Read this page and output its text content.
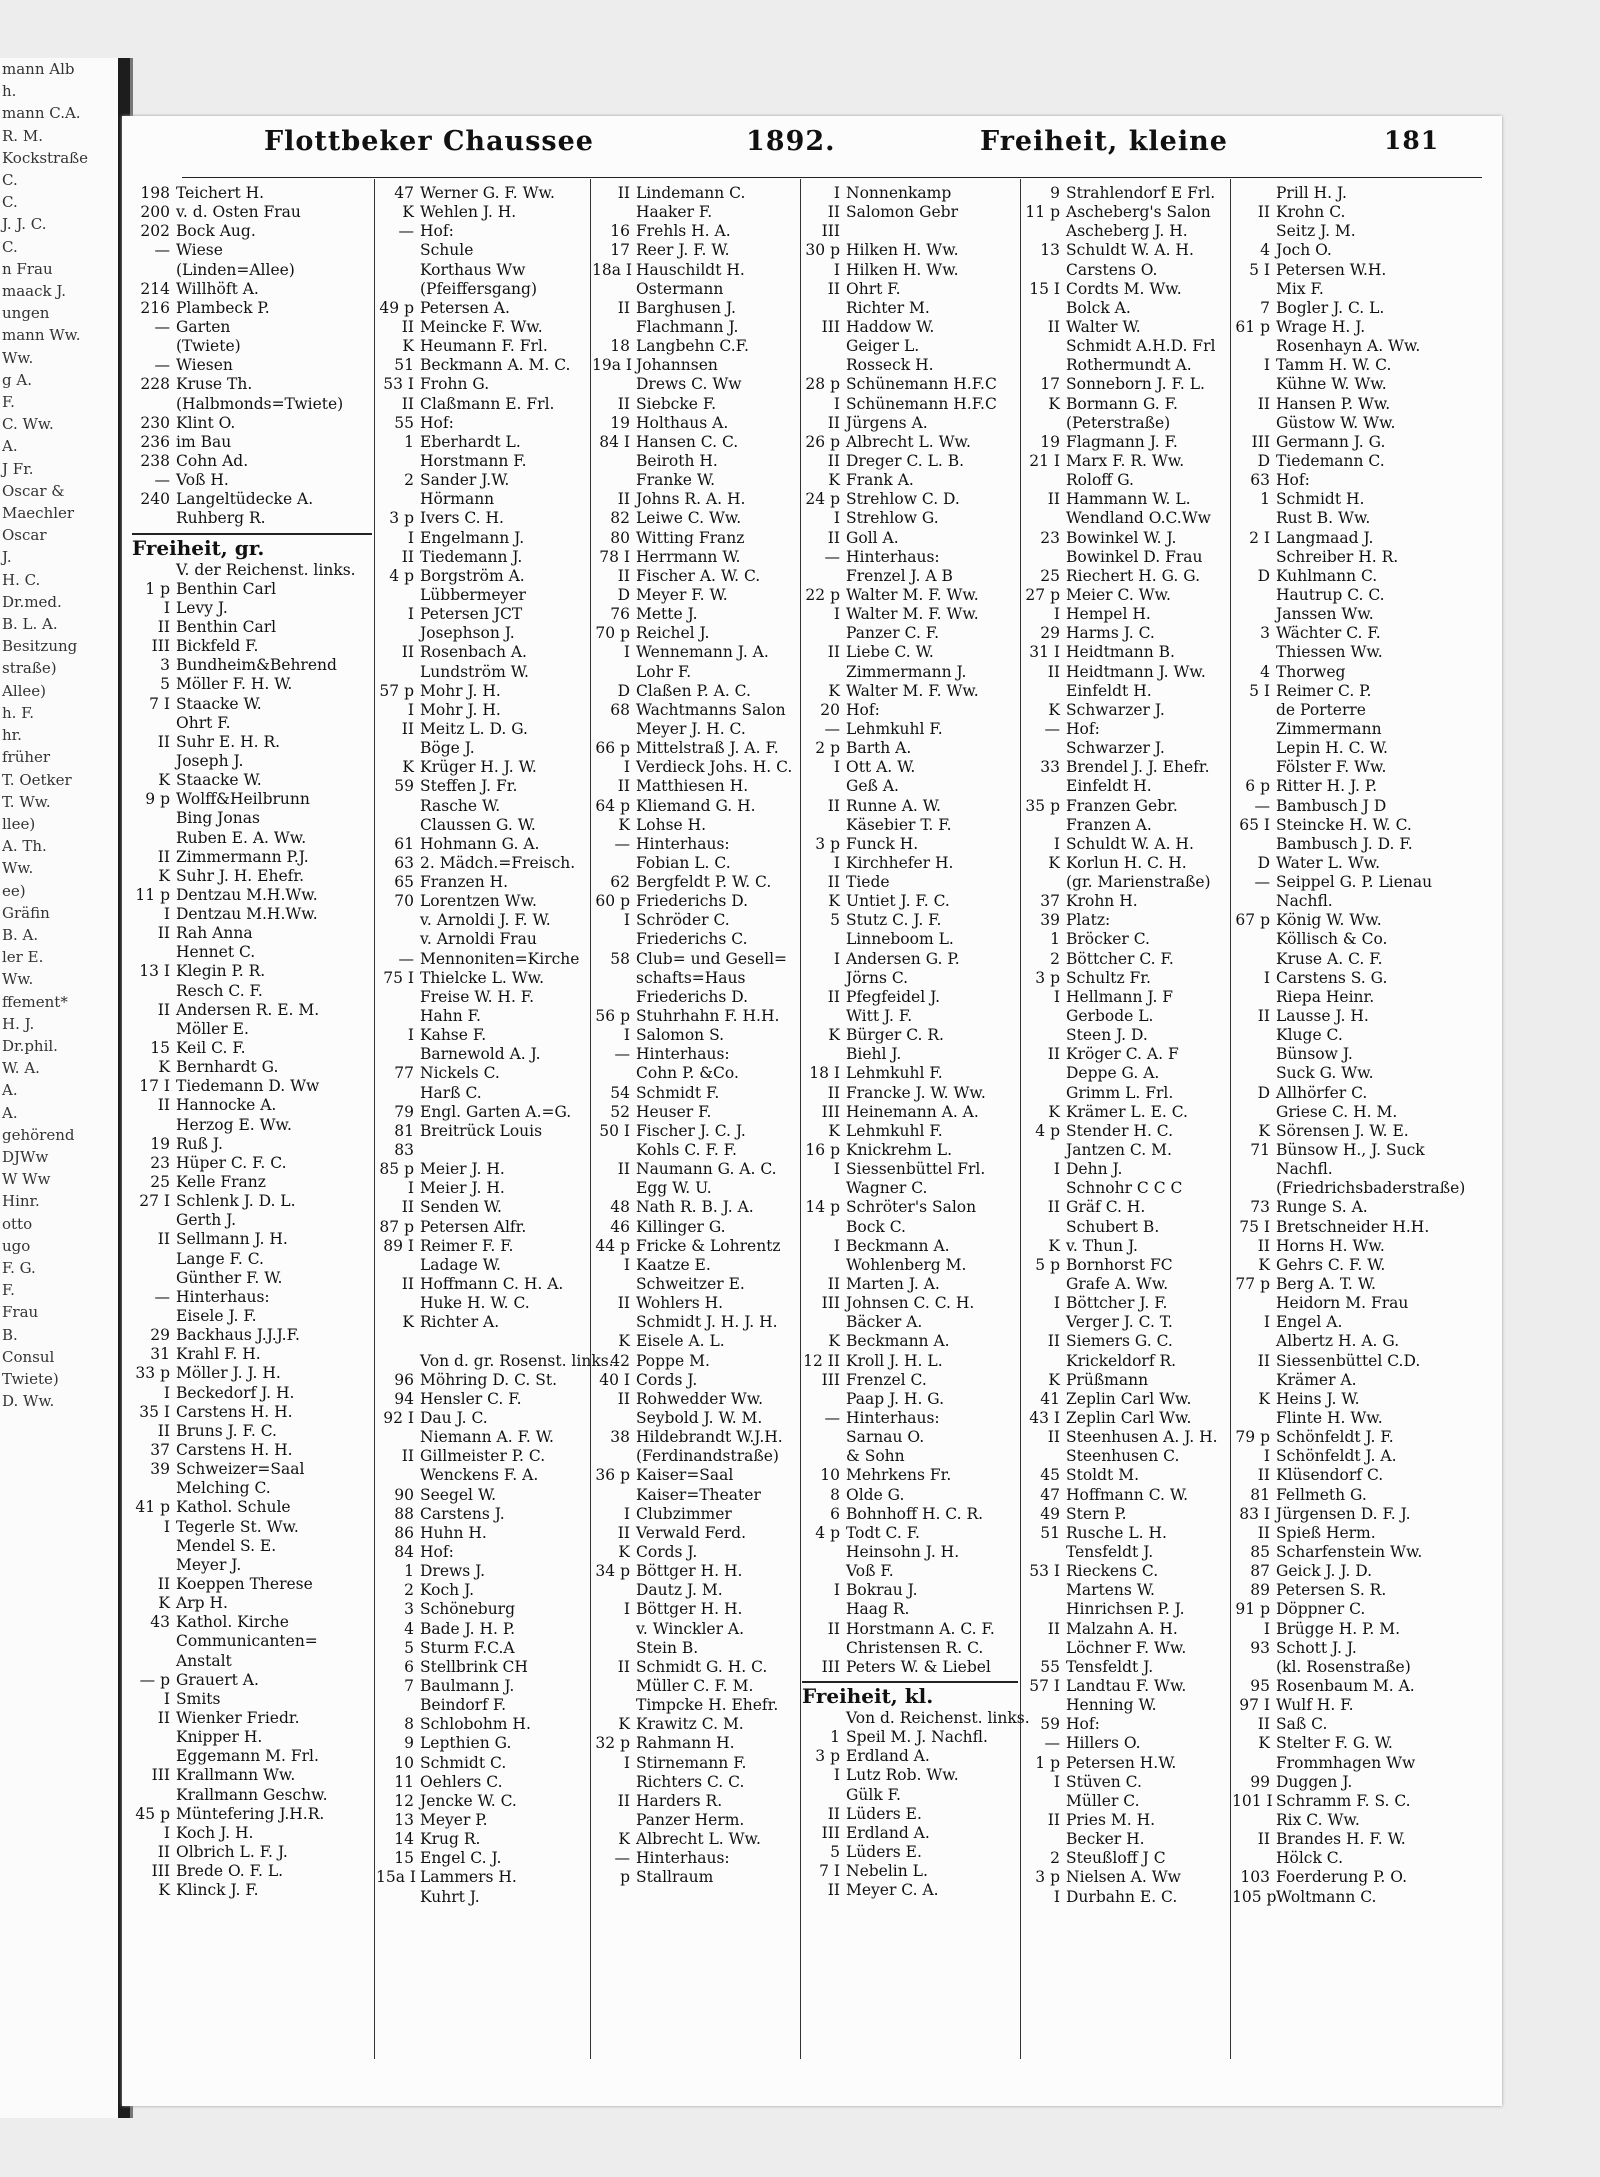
mann Alb
h.
mann C.A.
R. M.
Kockstraße
C.
C.
J. J. C.
C.
n Frau
maack J.
ungen
mann Ww.
Ww.
g A.
F.
C. Ww.
A.
J Fr.
Oscar &
Maechler
Oscar
J.
H. C.
Dr.med.
B. L. A.
Besitzung
straße)
Allee)
h. F.
hr.
früher
T. Oetker
T. Ww.
llee)
A. Th.
Ww.
ee)
Gräfin
B. A.
ler E.
Ww.
ffement*
H. J.
Dr.phil.
W. A.
A.
A.
gehörend
DJWw
W Ww
Hinr.
otto
ugo
F. G.
F.
Frau
B.
Consul
Twiete)
D. Ww.
Flottbeker Chaussee	1892.	Freiheit, kleine	181
198 Teichert H.
200 v. d. Osten Frau
202 Bock Aug.
— Wiese
(Linden=Allee)
214 Willhöft A.
216 Plambeck P.
— Garten
(Twiete)
— Wiesen
228 Kruse Th.
(Halbmonds=Twiete)
230 Klint O.
236 im Bau
238 Cohn Ad.
— Voß H.
240 Langeltüdecke A.
Ruhberg R.
Freiheit, gr.
V. der Reichenst. links.
1 p Benthin Carl
I Levy J.
II Benthin Carl
III Bickfeld F.
3 Bundheim&Behrend
5 Möller F. H. W.
7 I Staacke W.
Ohrt F.
II Suhr E. H. R.
Joseph J.
K Staacke W.
9 p Wolff&Heilbrunn
Bing Jonas
Ruben E. A. Ww.
II Zimmermann P.J.
K Suhr J. H. Ehefr.
11 p Dentzau M.H.Ww.
I Dentzau M.H.Ww.
II Rah Anna
Hennet C.
13 I Klegin P. R.
Resch C. F.
II Andersen R. E. M.
Möller E.
15 Keil C. F.
K Bernhardt G.
17 I Tiedemann D. Ww
II Hannocke A.
Herzog E. Ww.
19 Ruß J.
23 Hüper C. F. C.
25 Kelle Franz
27 I Schlenk J. D. L.
Gerth J.
II Sellmann J. H.
Lange F. C.
Günther F. W.
— Hinterhaus:
Eisele J. F.
29 Backhaus J.J.J.F.
31 Krahl F. H.
33 p Möller J. J. H.
I Beckedorf J. H.
35 I Carstens H. H.
II Bruns J. F. C.
37 Carstens H. H.
39 Schweizer=Saal
Melching C.
41 p Kathol. Schule
I Tegerle St. Ww.
Mendel S. E.
Meyer J.
II Koeppen Therese
K Arp H.
43 Kathol. Kirche
Communicanten=
Anstalt
— p Grauert A.
I Smits
II Wienker Friedr.
Knipper H.
Eggemann M. Frl.
III Krallmann Ww.
Krallmann Geschw.
45 p Müntefering J.H.R.
I Koch J. H.
II Olbrich L. F. J.
III Brede O. F. L.
K Klinck J. F.
47 Werner G. F. Ww.
K Wehlen J. H.
— Hof:
Schule
Korthaus Ww
(Pfeiffersgang)
49 p Petersen A.
II Meincke F. Ww.
K Heumann F. Frl.
51 Beckmann A. M. C.
53 I Frohn G.
II Claßmann E. Frl.
55 Hof:
1 Eberhardt L.
Horstmann F.
2 Sander J.W.
Hörmann
3 p Ivers C. H.
I Engelmann J.
II Tiedemann J.
4 p Borgström A.
Lübbermeyer
I Petersen JCT
Josephson J.
II Rosenbach A.
Lundström W.
57 p Mohr J. H.
I Mohr J. H.
II Meitz L. D. G.
Böge J.
K Krüger H. J. W.
59 Steffen J. Fr.
Rasche W.
Claussen G. W.
61 Hohmann G. A.
63 2. Mädch.=Freisch.
65 Franzen H.
70 Lorentzen Ww.
v. Arnoldi J. F. W.
v. Arnoldi Frau
— Mennoniten=Kirche
75 I Thielcke L. Ww.
Freise W. H. F.
Hahn F.
I Kahse F.
Barnewold A. J.
77 Nickels C.
Harß C.
79 Engl. Garten A.=G.
81 Breitrück Louis
83
85 p Meier J. H.
I Meier J. H.
II Senden W.
87 p Petersen Alfr.
89 I Reimer F. F.
Ladage W.
II Hoffmann C. H. A.
Huke H. W. C.
K Richter A.
Von d. gr. Rosenst. links.
96 Möhring D. C. St.
94 Hensler C. F.
92 I Dau J. C.
Niemann A. F. W.
II Gillmeister P. C.
Wenckens F. A.
90 Seegel W.
88 Carstens J.
86 Huhn H.
84 Hof:
1 Drews J.
2 Koch J.
3 Schöneburg
4 Bade J. H. P.
5 Sturm F.C.A
6 Stellbrink CH
7 Baulmann J.
Beindorf F.
8 Schlobohm H.
9 Lepthien G.
10 Schmidt C.
11 Oehlers C.
12 Jencke W. C.
13 Meyer P.
14 Krug R.
15 Engel C. J.
15a I Lammers H.
Kuhrt J.
II Lindemann C.
Haaker F.
16 Frehls H. A.
17 Reer J. F. W.
18a I Hauschildt H.
Ostermann
II Barghusen J.
Flachmann J.
18 Langbehn C.F.
19a I Johannsen
Drews C. Ww
II Siebcke F.
19 Holthaus A.
84 I Hansen C. C.
Beiroth H.
Franke W.
II Johns R. A. H.
82 Leiwe C. Ww.
80 Witting Franz
78 I Herrmann W.
II Fischer A. W. C.
D Meyer F. W.
76 Mette J.
70 p Reichel J.
I Wennemann J. A.
Lohr F.
D Claßen P. A. C.
68 Wachtmanns Salon
Meyer J. H. C.
66 p Mittelstraß J. A. F.
I Verdieck Johs. H. C.
II Matthiesen H.
64 p Kliemand G. H.
K Lohse H.
— Hinterhaus:
Fobian L. C.
62 Bergfeldt P. W. C.
60 p Friederichs D.
I Schröder C.
Friederichs C.
58 Club= und Gesell=
schafts=Haus
Friederichs D.
56 p Stuhrhahn F. H.H.
I Salomon S.
— Hinterhaus:
Cohn P. &Co.
54 Schmidt F.
52 Heuser F.
50 I Fischer J. C. J.
Kohls C. F. F.
II Naumann G. A. C.
Egg W. U.
48 Nath R. B. J. A.
46 Killinger G.
44 p Fricke & Lohrentz
I Kaatze E.
Schweitzer E.
II Wohlers H.
Schmidt J. H. J. H.
K Eisele A. L.
42 Poppe M.
40 I Cords J.
II Rohwedder Ww.
Seybold J. W. M.
38 Hildebrandt W.J.H.
(Ferdinandstraße)
36 p Kaiser=Saal
Kaiser=Theater
I Clubzimmer
II Verwald Ferd.
K Cords J.
34 p Böttger H. H.
Dautz J. M.
I Böttger H. H.
v. Winckler A.
Stein B.
II Schmidt G. H. C.
Müller C. F. M.
Timpcke H. Ehefr.
K Krawitz C. M.
32 p Rahmann H.
I Stirnemann F.
Richters C. C.
II Harders R.
Panzer Herm.
K Albrecht L. Ww.
— Hinterhaus:
p Stallraum
I Nonnenkamp
II Salomon Gebr
III
30 p Hilken H. Ww.
I Hilken H. Ww.
II Ohrt F.
Richter M.
III Haddow W.
Geiger L.
Rosseck H.
28 p Schünemann H.F.C
I Schünemann H.F.C
II Jürgens A.
26 p Albrecht L. Ww.
II Dreger C. L. B.
K Frank A.
24 p Strehlow C. D.
I Strehlow G.
II Goll A.
— Hinterhaus:
Frenzel J. A B
22 p Walter M. F. Ww.
I Walter M. F. Ww.
Panzer C. F.
II Liebe C. W.
Zimmermann J.
K Walter M. F. Ww.
20 Hof:
— Lehmkuhl F.
2 p Barth A.
I Ott A. W.
Geß A.
II Runne A. W.
Käsebier T. F.
3 p Funck H.
I Kirchhefer H.
II Tiede
K Untiet J. F. C.
5 Stutz C. J. F.
Linneboom L.
I Andersen G. P.
Jörns C.
II Pfegfeidel J.
Witt J. F.
K Bürger C. R.
Biehl J.
18 I Lehmkuhl F.
II Francke J. W. Ww.
III Heinemann A. A.
K Lehmkuhl F.
16 p Knickrehm L.
I Siessenbüttel Frl.
Wagner C.
14 p Schröter's Salon
Bock C.
I Beckmann A.
Wohlenberg M.
II Marten J. A.
III Johnsen C. C. H.
Bäcker A.
K Beckmann A.
12 II Kroll J. H. L.
III Frenzel C.
Paap J. H. G.
— Hinterhaus:
Sarnau O.
& Sohn
10 Mehrkens Fr.
8 Olde G.
6 Bohnhoff H. C. R.
4 p Todt C. F.
Heinsohn J. H.
Voß F.
I Bokrau J.
Haag R.
II Horstmann A. C. F.
Christensen R. C.
III Peters W. & Liebel
Freiheit, kl.
Von d. Reichenst. links.
1 Speil M. J. Nachfl.
3 p Erdland A.
I Lutz Rob. Ww.
Gülk F.
II Lüders E.
III Erdland A.
5 Lüders E.
7 I Nebelin L.
II Meyer C. A.
9 Strahlendorf E Frl.
11 p Ascheberg's Salon
Ascheberg J. H.
13 Schuldt W. A. H.
Carstens O.
15 I Cordts M. Ww.
Bolck A.
II Walter W.
Schmidt A.H.D. Frl
Rothermundt A.
17 Sonneborn J. F. L.
K Bormann G. F.
(Peterstraße)
19 Flagmann J. F.
21 I Marx F. R. Ww.
Roloff G.
II Hammann W. L.
Wendland O.C.Ww
23 Bowinkel W. J.
Bowinkel D. Frau
25 Riechert H. G. G.
27 p Meier C. Ww.
I Hempel H.
29 Harms J. C.
31 I Heidtmann B.
II Heidtmann J. Ww.
Einfeldt H.
K Schwarzer J.
— Hof:
Schwarzer J.
33 Brendel J. J. Ehefr.
Einfeldt H.
35 p Franzen Gebr.
Franzen A.
I Schuldt W. A. H.
K Korlun H. C. H.
(gr. Marienstraße)
37 Krohn H.
39 Platz:
1 Bröcker C.
2 Böttcher C. F.
3 p Schultz Fr.
I Hellmann J. F
Gerbode L.
Steen J. D.
II Kröger C. A. F
Deppe G. A.
Grimm L. Frl.
K Krämer L. E. C.
4 p Stender H. C.
Jantzen C. M.
I Dehn J.
Schnohr C C C
II Gräf C. H.
Schubert B.
K v. Thun J.
5 p Bornhorst FC
Grafe A. Ww.
I Böttcher J. F.
Verger J. C. T.
II Siemers G. C.
Krickeldorf R.
K Prüßmann
41 Zeplin Carl Ww.
43 I Zeplin Carl Ww.
II Steenhusen A. J. H.
Steenhusen C.
45 Stoldt M.
47 Hoffmann C. W.
49 Stern P.
51 Rusche L. H.
Tensfeldt J.
53 I Rieckens C.
Martens W.
Hinrichsen P. J.
II Malzahn A. H.
Löchner F. Ww.
55 Tensfeldt J.
57 I Landtau F. Ww.
Henning W.
59 Hof:
— Hillers O.
1 p Petersen H.W.
I Stüven C.
Müller C.
II Pries M. H.
Becker H.
2 Steußloff J C
3 p Nielsen A. Ww
I Durbahn E. C.
Prill H. J.
II Krohn C.
Seitz J. M.
4 Joch O.
5 I Petersen W.H.
Mix F.
7 Bogler J. C. L.
61 p Wrage H. J.
Rosenhayn A. Ww.
I Tamm H. W. C.
Kühne W. Ww.
II Hansen P. Ww.
Güstow W. Ww.
III Germann J. G.
D Tiedemann C.
63 Hof:
1 Schmidt H.
Rust B. Ww.
2 I Langmaad J.
Schreiber H. R.
D Kuhlmann C.
Hautrup C. C.
Janssen Ww.
3 Wächter C. F.
Thiessen Ww.
4 Thorweg
5 I Reimer C. P.
de Porterre
Zimmermann
Lepin H. C. W.
Fölster F. Ww.
6 p Ritter H. J. P.
— Bambusch J D
65 I Steincke H. W. C.
Bambusch J. D. F.
D Water L. Ww.
— Seippel G. P. Lienau
Nachfl.
67 p König W. Ww.
Köllisch & Co.
Kruse A. C. F.
I Carstens S. G.
Riepa Heinr.
II Lausse J. H.
Kluge C.
Bünsow J.
Suck G. Ww.
D Allhörfer C.
Griese C. H. M.
K Sörensen J. W. E.
71 Bünsow H., J. Suck
Nachfl.
(Friedrichsbaderstraße)
73 Runge S. A.
75 I Bretschneider H.H.
II Horns H. Ww.
K Gehrs C. F. W.
77 p Berg A. T. W.
Heidorn M. Frau
I Engel A.
Albertz H. A. G.
II Siessenbüttel C.D.
Krämer A.
K Heins J. W.
Flinte H. Ww.
79 p Schönfeldt J. F.
I Schönfeldt J. A.
II Klüsendorf C.
81 Fellmeth G.
83 I Jürgensen D. F. J.
II Spieß Herm.
85 Scharfenstein Ww.
87 Geick J. J. D.
89 Petersen S. R.
91 p Döppner C.
I Brügge H. P. M.
93 Schott J. J.
(kl. Rosenstraße)
95 Rosenbaum M. A.
97 I Wulf H. F.
II Saß C.
K Stelter F. G. W.
Frommhagen Ww
99 Duggen J.
101 I Schramm F. S. C.
Rix C. Ww.
II Brandes H. F. W.
Hölck C.
103 Foerderung P. O.
105 p Woltmann C.
